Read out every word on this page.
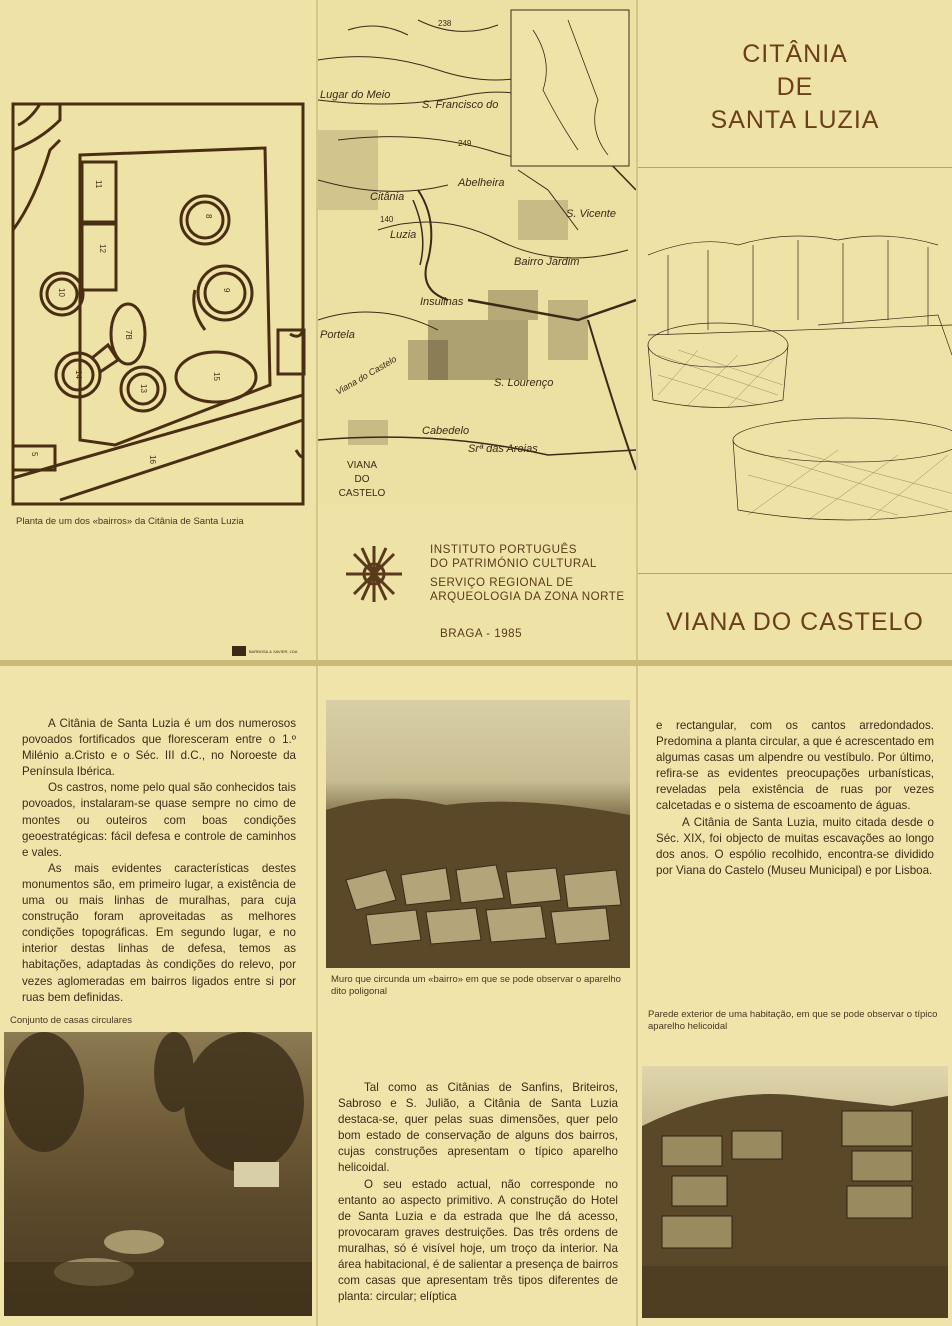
11
12
8
9
10
7B
14
13
15
16
5
Planta de um dos «bairros» da Citânia de Santa Luzia
BARBOSA & XAVIER, LDA
Lugar do Meio
S. Francisco do
Citânia
Luzia
Abelheira
S. Vicente
Bairro Jardim
Insulinas
Portela
S. Lourenço
Cabedelo
Srª das Areias
Viana do Castelo
238
249
140
VIANA
DO
CASTELO
INSTITUTO PORTUGUÊS
DO PATRIMÓNIO CULTURAL
SERVIÇO REGIONAL DE
ARQUEOLOGIA DA ZONA NORTE
BRAGA - 1985
CITÂNIA
DE
SANTA LUZIA
VIANA DO CASTELO

A Citânia de Santa Luzia é um dos numerosos povoados fortificados que floresceram entre o 1.º Milénio a.Cristo e o Séc. III d.C., no Noroeste da Península Ibérica.

Os castros, nome pelo qual são conhecidos tais povoados, instalaram-se quase sempre no cimo de montes ou outeiros com boas condições geoestratégicas: fácil defesa e controle de caminhos e vales.

As mais evidentes características destes monumentos são, em primeiro lugar, a existência de uma ou mais linhas de muralhas, para cuja construção foram aproveitadas as melhores condições topográficas. Em segundo lugar, e no interior destas linhas de defesa, temos as habitações, adaptadas às condições do relevo, por vezes aglomeradas em bairros ligados entre si por ruas bem definidas.

Conjunto de casas circulares
Muro que circunda um «bairro» em que se pode observar o aparelho dito poligonal

Tal como as Citânias de Sanfins, Briteiros, Sabroso e S. Julião, a Citânia de Santa Luzia destaca-se, quer pelas suas dimensões, quer pelo bom estado de conservação de alguns dos bairros, cujas construções apresentam o típico aparelho helicoidal.

O seu estado actual, não corresponde no entanto ao aspecto primitivo. A construção do Hotel de Santa Luzia e da estrada que lhe dá acesso, provocaram graves destruições. Das três ordens de muralhas, só é visível hoje, um troço da interior. Na área habitacional, é de salientar a presença de bairros com casas que apresentam três tipos diferentes de planta: circular; elíptica

e rectangular, com os cantos arredondados. Predomina a planta circular, a que é acrescentado em algumas casas um alpendre ou vestíbulo. Por último, refira-se as evidentes preocupações urbanísticas, reveladas pela existência de ruas por vezes calcetadas e o sistema de escoamento de águas.

A Citânia de Santa Luzia, muito citada desde o Séc. XIX, foi objecto de muitas escavações ao longo dos anos. O espólio recolhido, encontra-se dividido por Viana do Castelo (Museu Municipal) e por Lisboa.

Parede exterior de uma habitação, em que se pode observar o típico aparelho helicoidal
